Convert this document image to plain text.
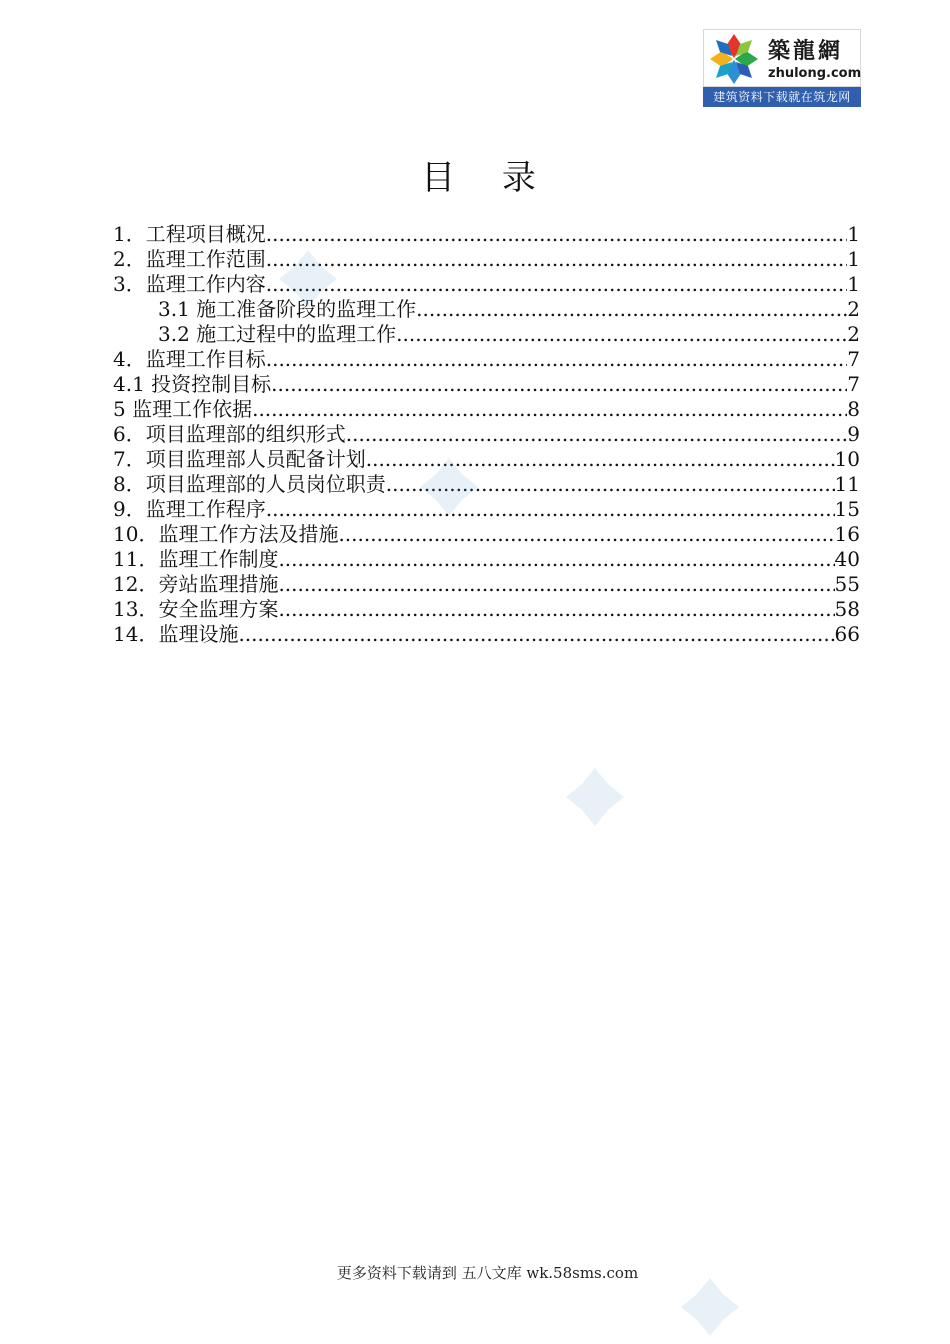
築龍網
zhulong.com
建筑资料下载就在筑龙网
目 录
1．工程项目概况 .....	1
2．监理工作范围 .....	1
3．监理工作内容 .....	1
3.1 施工准备阶段的监理工作 .....	2
3.2 施工过程中的监理工作 .....	2
4．监理工作目标 .....	7
4.1 投资控制目标 .....	7
5 监理工作依据 .....	8
6．项目监理部的组织形式 .....	9
7．项目监理部人员配备计划 .....	10
8．项目监理部的人员岗位职责 .....	11
9．监理工作程序 .....	15
10．监理工作方法及措施 .....	16
11．监理工作制度 .....	40
12．旁站监理措施 .....	55
13．安全监理方案 .....	58
14．监理设施 .....	66
更多资料下载请到 五八文库 wk.58sms.com
